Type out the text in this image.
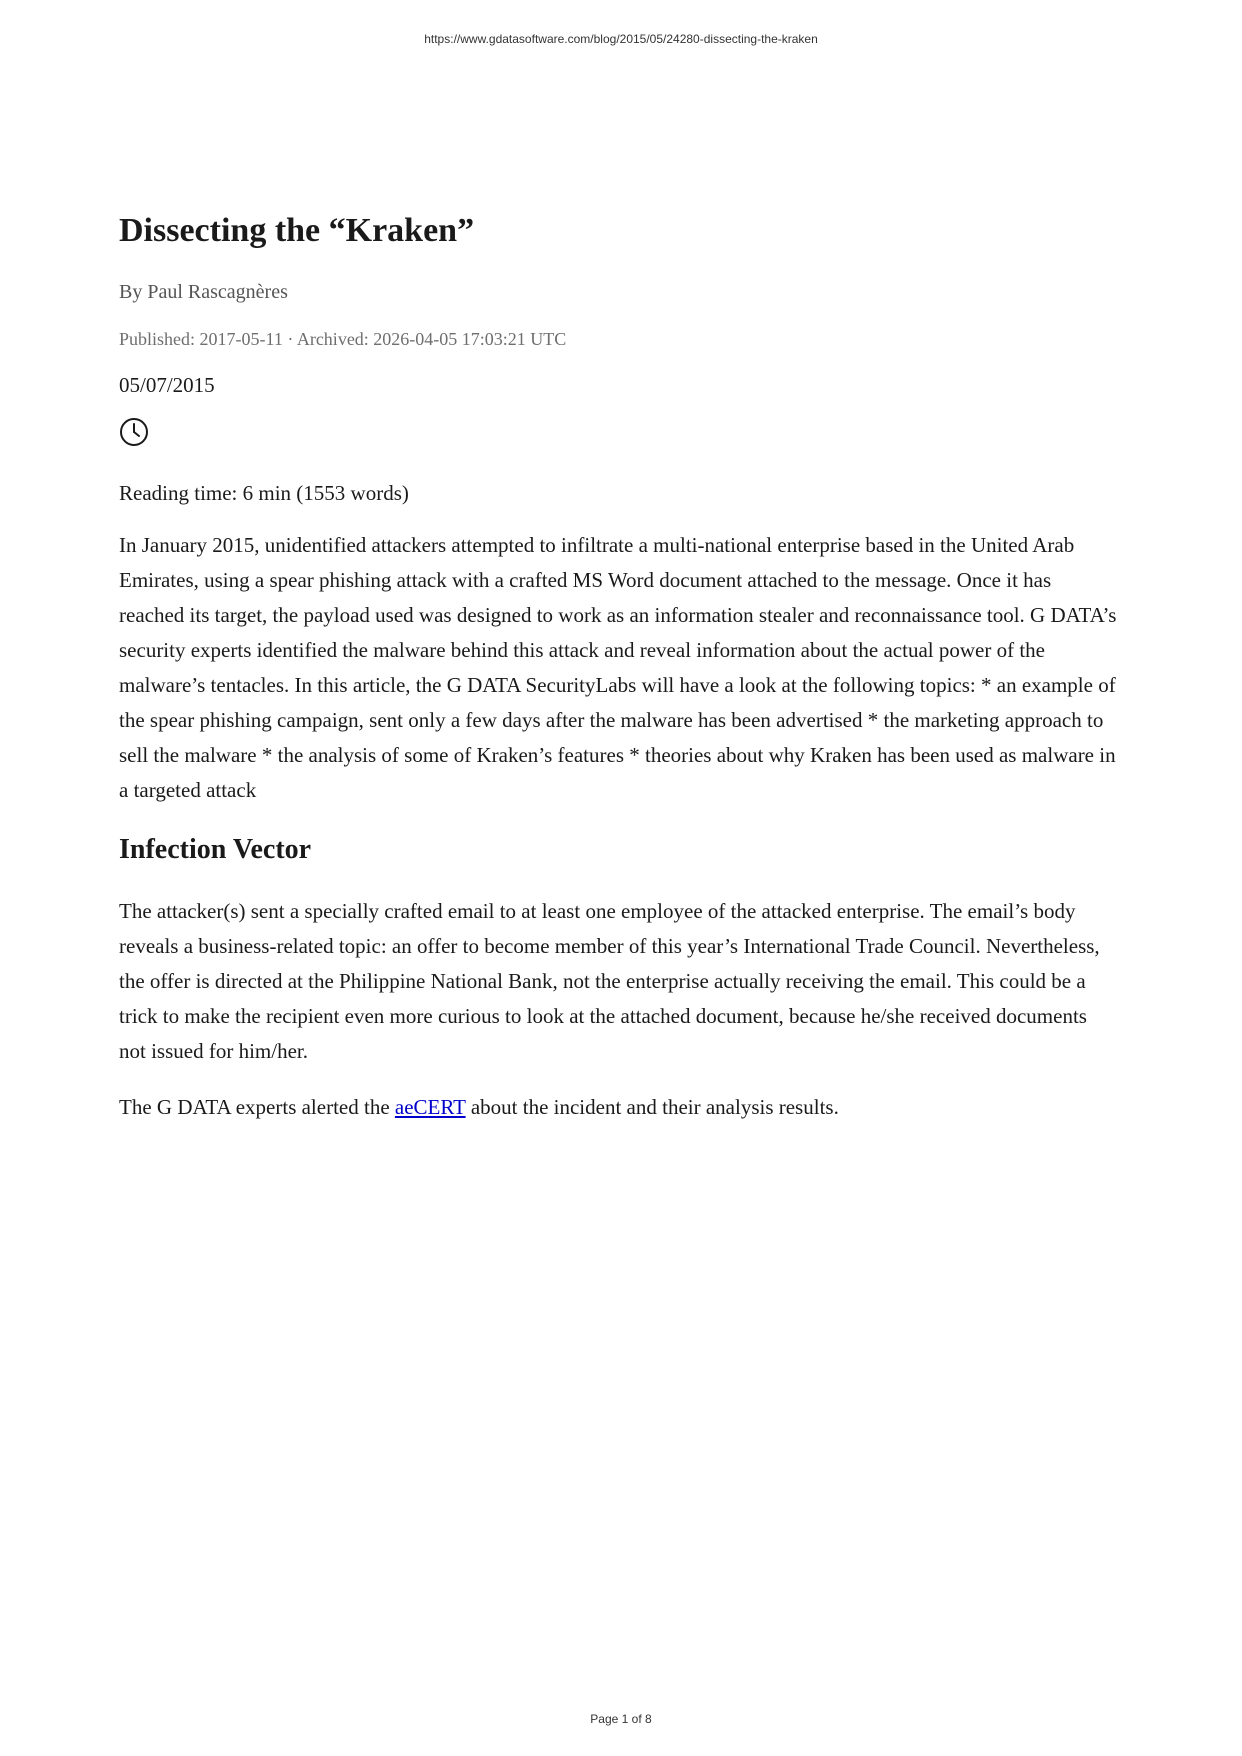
https://www.gdatasoftware.com/blog/2015/05/24280-dissecting-the-kraken
Dissecting the “Kraken”
By Paul Rascagnères
Published: 2017-05-11 · Archived: 2026-04-05 17:03:21 UTC
05/07/2015
Reading time: 6 min (1553 words)

In January 2015, unidentified attackers attempted to infiltrate a multi-national enterprise based in the United Arab Emirates, using a spear phishing attack with a crafted MS Word document attached to the message. Once it has reached its target, the payload used was designed to work as an information stealer and reconnaissance tool. G DATA’s security experts identified the malware behind this attack and reveal information about the actual power of the malware’s tentacles. In this article, the G DATA SecurityLabs will have a look at the following topics: * an example of the spear phishing campaign, sent only a few days after the malware has been advertised * the marketing approach to sell the malware * the analysis of some of Kraken’s features * theories about why Kraken has been used as malware in a targeted attack

Infection Vector

The attacker(s) sent a specially crafted email to at least one employee of the attacked enterprise. The email’s body reveals a business-related topic: an offer to become member of this year’s International Trade Council. Nevertheless, the offer is directed at the Philippine National Bank, not the enterprise actually receiving the email. This could be a trick to make the recipient even more curious to look at the attached document, because he/she received documents not issued for him/her.

The G DATA experts alerted the aeCERT about the incident and their analysis results.

Page 1 of 8
